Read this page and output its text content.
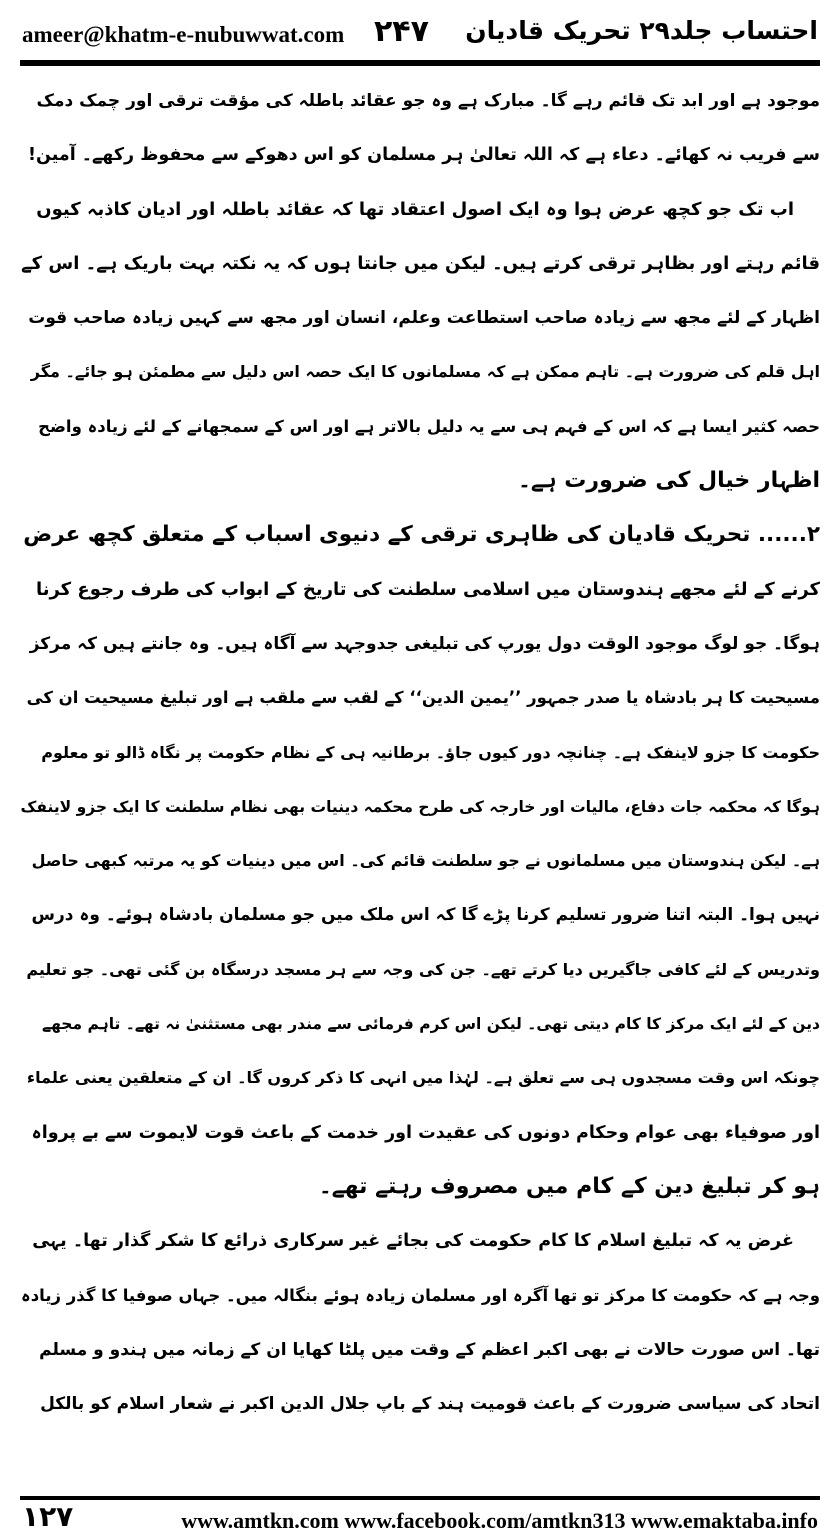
ameer@khatm-e-nubuwwat.com ۲۴۷ احتساب جلد۲۹ تحریک قادیان
موجود ہے اور ابد تک قائم رہے گا۔ مبارک ہے وہ جو عقائد باطلہ کی مؤقت ترقی اور چمک دمک
سے فریب نہ کھائے۔ دعاء ہے کہ اللہ تعالیٰ ہر مسلمان کو اس دھوکے سے محفوظ رکھے۔ آمین!
اب تک جو کچھ عرض ہوا وہ ایک اصول اعتقاد تھا کہ عقائد باطلہ اور ادیان کاذبہ کیوں
قائم رہتے اور بظاہر ترقی کرتے ہیں۔ لیکن میں جانتا ہوں کہ یہ نکتہ بہت باریک ہے۔ اس کے
اظہار کے لئے مجھ سے زیادہ صاحب استطاعت وعلم، انسان اور مجھ سے کہیں زیادہ صاحب قوت
اہل قلم کی ضرورت ہے۔ تاہم ممکن ہے کہ مسلمانوں کا ایک حصہ اس دلیل سے مطمئن ہو جائے۔ مگر
حصہ کثیر ایسا ہے کہ اس کے فہم ہی سے یہ دلیل بالاتر ہے اور اس کے سمجھانے کے لئے زیادہ واضح
اظہار خیال کی ضرورت ہے۔
۲...... تحریک قادیان کی ظاہری ترقی کے دنیوی اسباب کے متعلق کچھ عرض
کرنے کے لئے مجھے ہندوستان میں اسلامی سلطنت کی تاریخ کے ابواب کی طرف رجوع کرنا
ہوگا۔ جو لوگ موجود الوقت دول یورپ کی تبلیغی جدوجہد سے آگاہ ہیں۔ وہ جانتے ہیں کہ مرکز
مسیحیت کا ہر بادشاہ یا صدر جمہور ’’یمین الدین‘‘ کے لقب سے ملقب ہے اور تبلیغ مسیحیت ان کی
حکومت کا جزو لاینفک ہے۔ چنانچہ دور کیوں جاؤ۔ برطانیہ ہی کے نظام حکومت پر نگاہ ڈالو تو معلوم
ہوگا کہ محکمہ جات دفاع، مالیات اور خارجہ کی طرح محکمہ دینیات بھی نظام سلطنت کا ایک جزو لاینفک
ہے۔ لیکن ہندوستان میں مسلمانوں نے جو سلطنت قائم کی۔ اس میں دینیات کو یہ مرتبہ کبھی حاصل
نہیں ہوا۔ البتہ اتنا ضرور تسلیم کرنا پڑے گا کہ اس ملک میں جو مسلمان بادشاہ ہوئے۔ وہ درس
وتدریس کے لئے کافی جاگیریں دیا کرتے تھے۔ جن کی وجہ سے ہر مسجد درسگاہ بن گئی تھی۔ جو تعلیم
دین کے لئے ایک مرکز کا کام دیتی تھی۔ لیکن اس کرم فرمائی سے مندر بھی مستثنیٰ نہ تھے۔ تاہم مجھے
چونکہ اس وقت مسجدوں ہی سے تعلق ہے۔ لہٰذا میں انہی کا ذکر کروں گا۔ ان کے متعلقین یعنی علماء
اور صوفیاء بھی عوام وحکام دونوں کی عقیدت اور خدمت کے باعث قوت لایموت سے بے پرواہ
ہو کر تبلیغ دین کے کام میں مصروف رہتے تھے۔
غرض یہ کہ تبلیغ اسلام کا کام حکومت کی بجائے غیر سرکاری ذرائع کا شکر گذار تھا۔ یہی
وجہ ہے کہ حکومت کا مرکز تو تھا آگرہ اور مسلمان زیادہ ہوئے بنگالہ میں۔ جہاں صوفیا کا گذر زیادہ
تھا۔ اس صورت حالات نے بھی اکبر اعظم کے وقت میں پلٹا کھایا ان کے زمانہ میں ہندو و مسلم
اتحاد کی سیاسی ضرورت کے باعث قومیت ہند کے باپ جلال الدین اکبر نے شعار اسلام کو بالکل
۱۲۷	www.amtkn.com www.facebook.com/amtkn313 www.emaktaba.info
